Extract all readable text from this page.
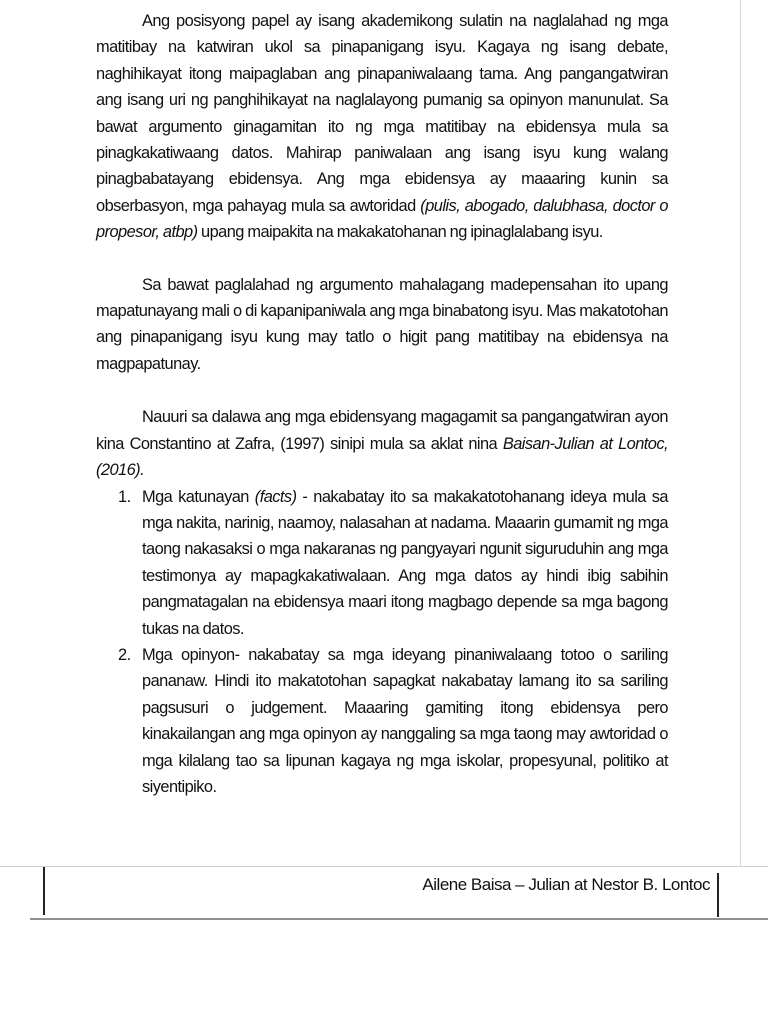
Ang posisyong papel ay isang akademikong sulatin na naglalahad ng mga matitibay na katwiran ukol sa pinapanigang isyu. Kagaya ng isang debate, naghihikayat itong maipaglaban ang pinapaniwalaang tama. Ang pangangatwiran ang isang uri ng panghihikayat na naglalayong pumanig sa opinyon manunulat. Sa bawat argumento ginagamitan ito ng mga matitibay na ebidensya mula sa pinagkakatiwaang datos. Mahirap paniwalaan ang isang isyu kung walang pinagbabatayang ebidensya. Ang mga ebidensya ay maaaring kunin sa obserbasyon, mga pahayag mula sa awtoridad (pulis, abogado, dalubhasa, doctor o propesor, atbp) upang maipakita na makakatohanan ng ipinaglalabang isyu.

Sa bawat paglalahad ng argumento mahalagang madepensahan ito upang mapatunayang mali o di kapanipaniwala ang mga binabatong isyu. Mas makatotohan ang pinapanigang isyu kung may tatlo o higit pang matitibay na ebidensya na magpapatunay.

Nauuri sa dalawa ang mga ebidensyang magagamit sa pangangatwiran ayon kina Constantino at Zafra, (1997) sinipi mula sa aklat nina Baisan-Julian at Lontoc, (2016).

1. Mga katunayan (facts) - nakabatay ito sa makakatotohanang ideya mula sa mga nakita, narinig, naamoy, nalasahan at nadama. Maaarin gumamit ng mga taong nakasaksi o mga nakaranas ng pangyayari ngunit siguruduhin ang mga testimonya ay mapagkakatiwalaan. Ang mga datos ay hindi ibig sabihin pangmatagalan na ebidensya maari itong magbago depende sa mga bagong tukas na datos.
2. Mga opinyon- nakabatay sa mga ideyang pinaniwalaang totoo o sariling pananaw. Hindi ito makatotohan sapagkat nakabatay lamang ito sa sariling pagsusuri o judgement. Maaaring gamiting itong ebidensya pero kinakailangan ang mga opinyon ay nanggaling sa mga taong may awtoridad o mga kilalang tao sa lipunan kagaya ng mga iskolar, propesyunal, politiko at siyentipiko.
Ailene Baisa – Julian at Nestor B. Lontoc
